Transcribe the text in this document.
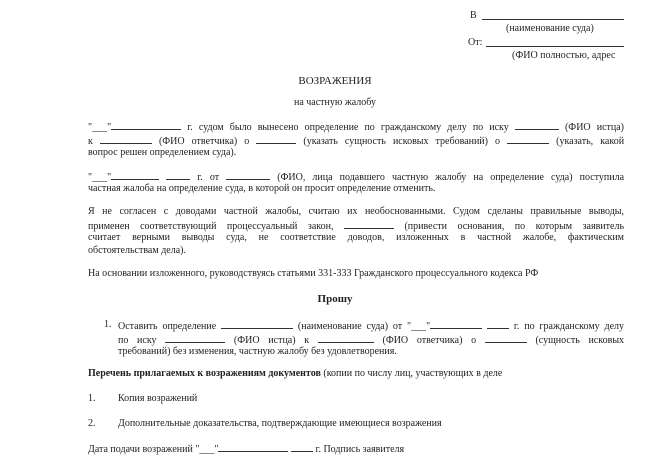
В
(наименование суда)
От:
(ФИО полностью, адрес
ВОЗРАЖЕНИЯ
на частную жалобу
"___"	г. судом было вынесено определение по гражданскому делу по иску	(ФИО истца)
к	(ФИО ответчика) о	(указать сущность исковых требований) о	(указать, какой
вопрос решен определением суда).
"___"	г. от	(ФИО, лица подавшего частную жалобу на определение суда) поступила
частная жалоба на определение суда, в которой он просит определение отменить.
Я не согласен с доводами частной жалобы, считаю их необоснованными. Судом сделаны правильные выводы,
применен соответствующий процессуальный закон,	(привести основания, по которым заявитель
считает верными выводы суда, не соответствие доводов, изложенных в частной жалобе, фактическим
обстоятельствам дела).
На основании изложенного, руководствуясь статьями 331-333 Гражданского процессуального кодекса РФ
Прошу
1. Оставить определение	(наименование суда) от "___"	г. по гражданскому делу
по иску	(ФИО истца) к	(ФИО ответчика) о	(сущность исковых
требований) без изменения, частную жалобу без удовлетворения.
Перечень прилагаемых к возражениям документов (копии по числу лиц, участвующих в деле
1. Копия возражений
2. Дополнительные доказательства, подтверждающие имеющиеся возражения
Дата подачи возражений "___"	г. Подпись заявителя
